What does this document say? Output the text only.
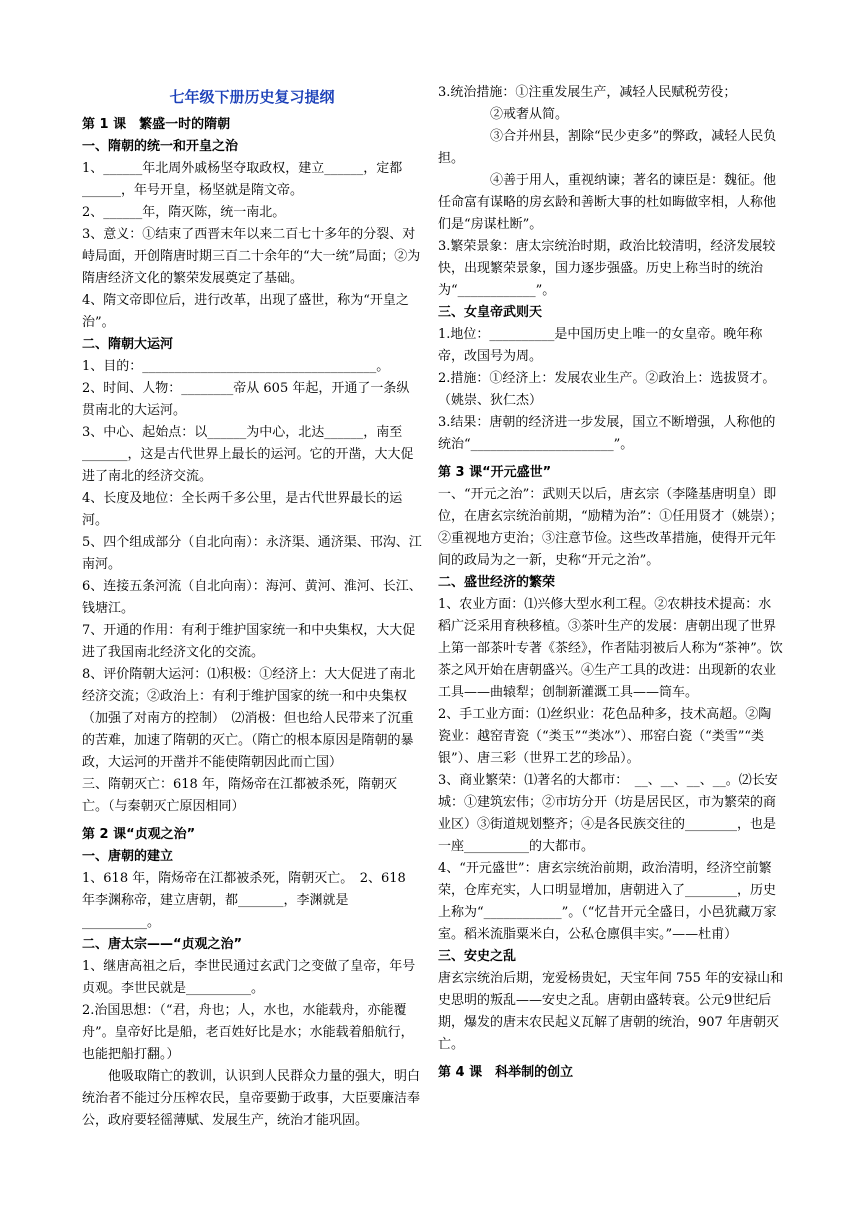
七年级下册历史复习提纲

第 1 课　繁盛一时的隋朝

一、隋朝的统一和开皇之治

1、______年北周外戚杨坚夺取政权，建立______，定都______，年号开皇，杨坚就是隋文帝。

2、______年，隋灭陈，统一南北。

3、意义：①结束了西晋末年以来二百七十多年的分裂、对峙局面，开创隋唐时期三百二十余年的“大一统”局面；②为隋唐经济文化的繁荣发展奠定了基础。

4、隋文帝即位后，进行改革，出现了盛世，称为“开皇之治”。

二、隋朝大运河

1、目的：____________________________________。

2、时间、人物：________帝从 605 年起，开通了一条纵贯南北的大运河。

3、中心、起始点：以______为中心，北达______，南至_______，这是古代世界上最长的运河。它的开凿，大大促进了南北的经济交流。

4、长度及地位：全长两千多公里，是古代世界最长的运河。

5、四个组成部分（自北向南）：永济渠、通济渠、邗沟、江南河。

6、连接五条河流（自北向南）：海河、黄河、淮河、长江、钱塘江。

7、开通的作用：有利于维护国家统一和中央集权，大大促进了我国南北经济文化的交流。

8、评价隋朝大运河：⑴积极：①经济上：大大促进了南北经济交流；②政治上：有利于维护国家的统一和中央集权（加强了对南方的控制）　⑵消极：但也给人民带来了沉重的苦难，加速了隋朝的灭亡。（隋亡的根本原因是隋朝的暴政，大运河的开凿并不能使隋朝因此而亡国）

三、隋朝灭亡：618 年，隋炀帝在江都被杀死，隋朝灭亡。（与秦朝灭亡原因相同）

第 2 课“贞观之治”

一、唐朝的建立

1、618 年，隋炀帝在江都被杀死，隋朝灭亡。　2、618 年李渊称帝，建立唐朝，都_______，李渊就是__________。

二、唐太宗——“贞观之治”

1、继唐高祖之后，李世民通过玄武门之变做了皇帝，年号贞观。李世民就是__________。

2.治国思想：（“君，舟也；人，水也，水能载舟，亦能覆舟”。皇帝好比是船，老百姓好比是水；水能载着船航行，也能把船打翻。）

他吸取隋亡的教训，认识到人民群众力量的强大，明白统治者不能过分压榨农民，皇帝要勤于政事，大臣要廉洁奉公，政府要轻徭薄赋、发展生产，统治才能巩固。

3.统治措施：①注重发展生产，减轻人民赋税劳役；

　　②戒奢从简。

　　③合并州县，割除“民少吏多”的弊政，减轻人民负担。

　　④善于用人，重视纳谏；著名的谏臣是：魏征。他任命富有谋略的房玄龄和善断大事的杜如晦做宰相，人称他们是“房谋杜断”。

3.繁荣景象：唐太宗统治时期，政治比较清明，经济发展较快，出现繁荣景象，国力逐步强盛。历史上称当时的统治为“____________”。

三、女皇帝武则天

1.地位：__________是中国历史上唯一的女皇帝。晚年称帝，改国号为周。

2.措施：①经济上：发展农业生产。②政治上：选拔贤才。（姚崇、狄仁杰）

3.结果：唐朝的经济进一步发展，国立不断增强，人称他的统治“______________________”。

第 3 课“开元盛世”

一、“开元之治”：武则天以后，唐玄宗（李隆基唐明皇）即位，在唐玄宗统治前期，“励精为治”：①任用贤才（姚崇）；②重视地方吏治；③注意节俭。这些改革措施，使得开元年间的政局为之一新，史称“开元之治”。

二、盛世经济的繁荣

1、农业方面：⑴兴修大型水利工程。②农耕技术提高：水稻广泛采用育秧移植。③茶叶生产的发展：唐朝出现了世界上第一部茶叶专著《茶经》，作者陆羽被后人称为“茶神”。饮茶之风开始在唐朝盛兴。④生产工具的改进：出现新的农业工具——曲辕犁；创制新灌溉工具——筒车。

2、手工业方面：⑴丝织业：花色品种多，技术高超。②陶瓷业：越窑青瓷（“类玉”“类冰”）、邢窑白瓷（“类雪”“类银”）、唐三彩（世界工艺的珍品）。

3、商业繁荣：⑴著名的大都市：　__、__、__、__。⑵长安城：①建筑宏伟；②市坊分开（坊是居民区，市为繁荣的商业区）③街道规划整齐；④是各民族交往的________，也是一座__________的大都市。

4、“开元盛世”：唐玄宗统治前期，政治清明，经济空前繁荣，仓库充实，人口明显增加，唐朝进入了________，历史上称为“____________”。（“忆昔开元全盛日，小邑犹藏万家室。稻米流脂粟米白，公私仓廪俱丰实。”——杜甫）

三、安史之乱

唐玄宗统治后期，宠爱杨贵妃，天宝年间 755 年的安禄山和史思明的叛乱——安史之乱。唐朝由盛转衰。公元9世纪后期，爆发的唐末农民起义瓦解了唐朝的统治，907 年唐朝灭亡。

第 4 课　科举制的创立
